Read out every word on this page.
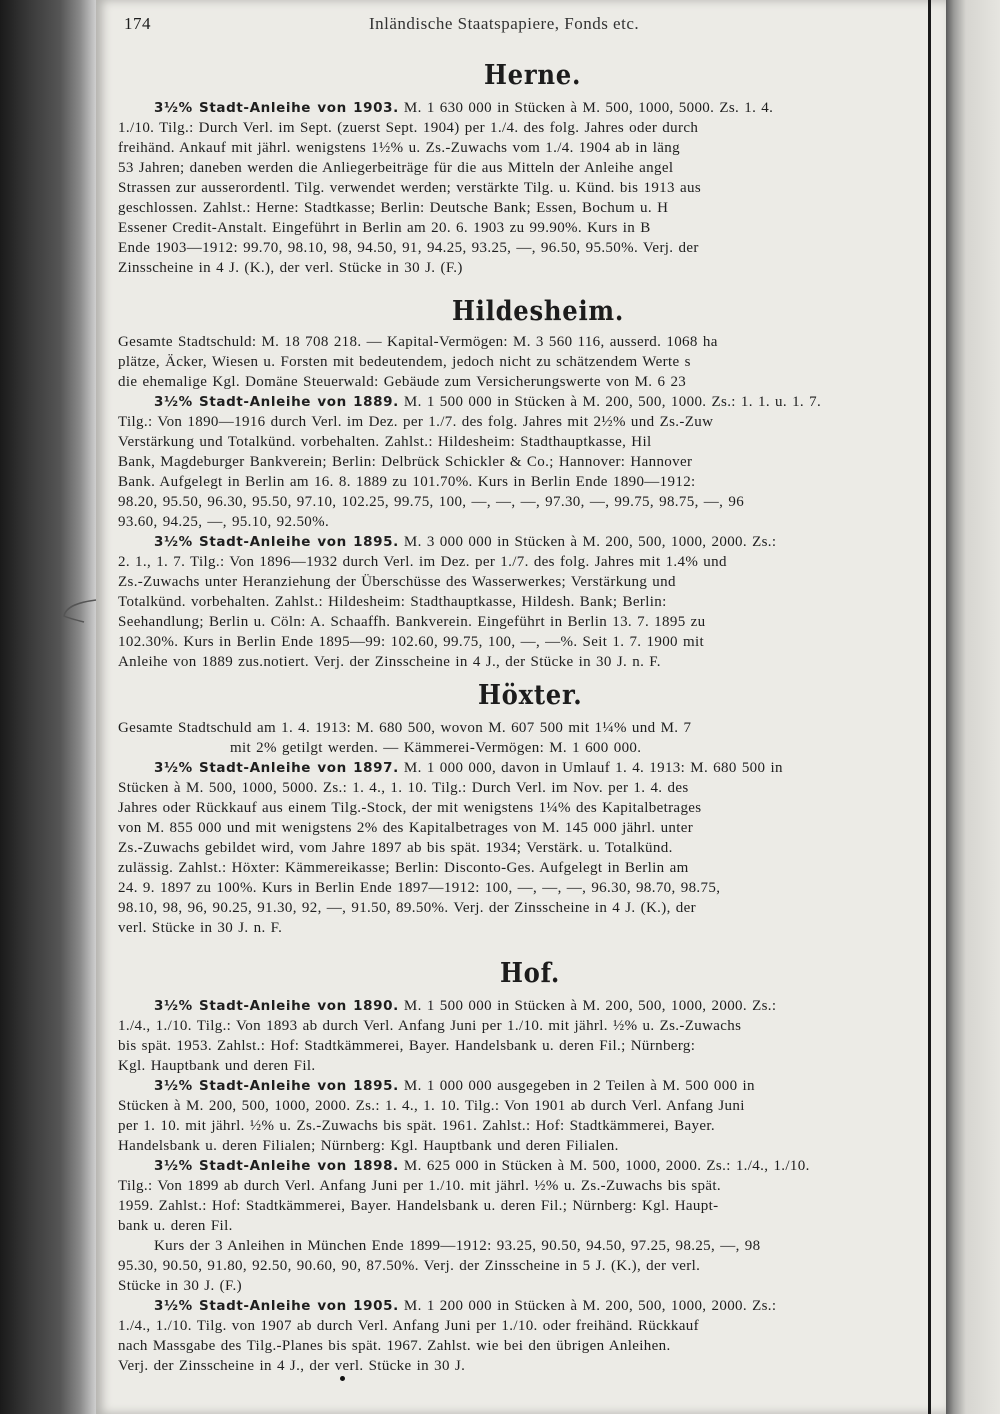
174	Inländische Staatspapiere, Fonds etc.
Herne.
3½% Stadt-Anleihe von 1903. M. 1 630 000 in Stücken à M. 500, 1000, 5000. Zs. 1. 4.
1./10. Tilg.: Durch Verl. im Sept. (zuerst Sept. 1904) per 1./4. des folg. Jahres oder durch
freihänd. Ankauf mit jährl. wenigstens 1½% u. Zs.-Zuwachs vom 1./4. 1904 ab in läng
53 Jahren; daneben werden die Anliegerbeiträge für die aus Mitteln der Anleihe angel
Strassen zur ausserordentl. Tilg. verwendet werden; verstärkte Tilg. u. Künd. bis 1913 aus
geschlossen. Zahlst.: Herne: Stadtkasse; Berlin: Deutsche Bank; Essen, Bochum u. H
Essener Credit-Anstalt. Eingeführt in Berlin am 20. 6. 1903 zu 99.90%. Kurs in B
Ende 1903—1912: 99.70, 98.10, 98, 94.50, 91, 94.25, 93.25, —, 96.50, 95.50%. Verj. der
Zinsscheine in 4 J. (K.), der verl. Stücke in 30 J. (F.)
Hildesheim.
Gesamte Stadtschuld: M. 18 708 218. — Kapital-Vermögen: M. 3 560 116, ausserd. 1068 ha
plätze, Äcker, Wiesen u. Forsten mit bedeutendem, jedoch nicht zu schätzendem Werte s
die ehemalige Kgl. Domäne Steuerwald: Gebäude zum Versicherungswerte von M. 6 23
3½% Stadt-Anleihe von 1889. M. 1 500 000 in Stücken à M. 200, 500, 1000. Zs.: 1. 1. u. 1. 7.
Tilg.: Von 1890—1916 durch Verl. im Dez. per 1./7. des folg. Jahres mit 2½% und Zs.-Zuw
Verstärkung und Totalkünd. vorbehalten. Zahlst.: Hildesheim: Stadthauptkasse, Hil
Bank, Magdeburger Bankverein; Berlin: Delbrück Schickler & Co.; Hannover: Hannover
Bank. Aufgelegt in Berlin am 16. 8. 1889 zu 101.70%. Kurs in Berlin Ende 1890—1912:
98.20, 95.50, 96.30, 95.50, 97.10, 102.25, 99.75, 100, —, —, —, 97.30, —, 99.75, 98.75, —, 96
93.60, 94.25, —, 95.10, 92.50%.
3½% Stadt-Anleihe von 1895. M. 3 000 000 in Stücken à M. 200, 500, 1000, 2000. Zs.:
2. 1., 1. 7. Tilg.: Von 1896—1932 durch Verl. im Dez. per 1./7. des folg. Jahres mit 1.4% und
Zs.-Zuwachs unter Heranziehung der Überschüsse des Wasserwerkes; Verstärkung und
Totalkünd. vorbehalten. Zahlst.: Hildesheim: Stadthauptkasse, Hildesh. Bank; Berlin:
Seehandlung; Berlin u. Cöln: A. Schaaffh. Bankverein. Eingeführt in Berlin 13. 7. 1895 zu
102.30%. Kurs in Berlin Ende 1895—99: 102.60, 99.75, 100, —, —%. Seit 1. 7. 1900 mit
Anleihe von 1889 zus.notiert. Verj. der Zinsscheine in 4 J., der Stücke in 30 J. n. F.
Höxter.
Gesamte Stadtschuld am 1. 4. 1913: M. 680 500, wovon M. 607 500 mit 1¼% und M. 7
mit 2% getilgt werden. — Kämmerei-Vermögen: M. 1 600 000.
3½% Stadt-Anleihe von 1897. M. 1 000 000, davon in Umlauf 1. 4. 1913: M. 680 500 in
Stücken à M. 500, 1000, 5000. Zs.: 1. 4., 1. 10. Tilg.: Durch Verl. im Nov. per 1. 4. des
Jahres oder Rückkauf aus einem Tilg.-Stock, der mit wenigstens 1¼% des Kapitalbetrages
von M. 855 000 und mit wenigstens 2% des Kapitalbetrages von M. 145 000 jährl. unter
Zs.-Zuwachs gebildet wird, vom Jahre 1897 ab bis spät. 1934; Verstärk. u. Totalkünd.
zulässig. Zahlst.: Höxter: Kämmereikasse; Berlin: Disconto-Ges. Aufgelegt in Berlin am
24. 9. 1897 zu 100%. Kurs in Berlin Ende 1897—1912: 100, —, —, —, 96.30, 98.70, 98.75,
98.10, 98, 96, 90.25, 91.30, 92, —, 91.50, 89.50%. Verj. der Zinsscheine in 4 J. (K.), der
verl. Stücke in 30 J. n. F.
Hof.
3½% Stadt-Anleihe von 1890. M. 1 500 000 in Stücken à M. 200, 500, 1000, 2000. Zs.:
1./4., 1./10. Tilg.: Von 1893 ab durch Verl. Anfang Juni per 1./10. mit jährl. ½% u. Zs.-Zuwachs
bis spät. 1953. Zahlst.: Hof: Stadtkämmerei, Bayer. Handelsbank u. deren Fil.; Nürnberg:
Kgl. Hauptbank und deren Fil.
3½% Stadt-Anleihe von 1895. M. 1 000 000 ausgegeben in 2 Teilen à M. 500 000 in
Stücken à M. 200, 500, 1000, 2000. Zs.: 1. 4., 1. 10. Tilg.: Von 1901 ab durch Verl. Anfang Juni
per 1. 10. mit jährl. ½% u. Zs.-Zuwachs bis spät. 1961. Zahlst.: Hof: Stadtkämmerei, Bayer.
Handelsbank u. deren Filialen; Nürnberg: Kgl. Hauptbank und deren Filialen.
3½% Stadt-Anleihe von 1898. M. 625 000 in Stücken à M. 500, 1000, 2000. Zs.: 1./4., 1./10.
Tilg.: Von 1899 ab durch Verl. Anfang Juni per 1./10. mit jährl. ½% u. Zs.-Zuwachs bis spät.
1959. Zahlst.: Hof: Stadtkämmerei, Bayer. Handelsbank u. deren Fil.; Nürnberg: Kgl. Haupt-
bank u. deren Fil.
Kurs der 3 Anleihen in München Ende 1899—1912: 93.25, 90.50, 94.50, 97.25, 98.25, —, 98
95.30, 90.50, 91.80, 92.50, 90.60, 90, 87.50%. Verj. der Zinsscheine in 5 J. (K.), der verl.
Stücke in 30 J. (F.)
3½% Stadt-Anleihe von 1905. M. 1 200 000 in Stücken à M. 200, 500, 1000, 2000. Zs.:
1./4., 1./10. Tilg. von 1907 ab durch Verl. Anfang Juni per 1./10. oder freihänd. Rückkauf
nach Massgabe des Tilg.-Planes bis spät. 1967. Zahlst. wie bei den übrigen Anleihen.
Verj. der Zinsscheine in 4 J., der verl. Stücke in 30 J.
